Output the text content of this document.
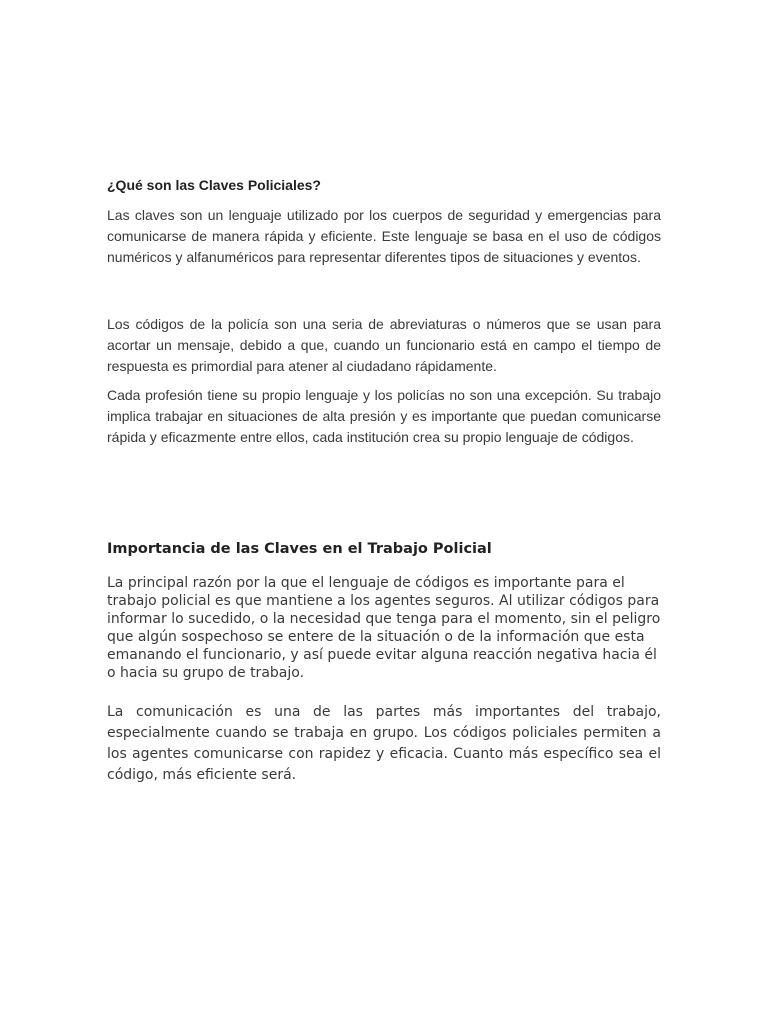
¿Qué son las Claves Policiales?

Las claves son un lenguaje utilizado por los cuerpos de seguridad y emergencias para comunicarse de manera rápida y eficiente. Este lenguaje se basa en el uso de códigos numéricos y alfanuméricos para representar diferentes tipos de situaciones y eventos.

Los códigos de la policía son una seria de abreviaturas o números que se usan para acortar un mensaje, debido a que, cuando un funcionario está en campo el tiempo de respuesta es primordial para atener al ciudadano rápidamente.

Cada profesión tiene su propio lenguaje y los policías no son una excepción. Su trabajo implica trabajar en situaciones de alta presión y es importante que puedan comunicarse rápida y eficazmente entre ellos, cada institución crea su propio lenguaje de códigos.

Importancia de las Claves en el Trabajo Policial

La principal razón por la que el lenguaje de códigos es importante para el trabajo policial es que mantiene a los agentes seguros. Al utilizar códigos para informar lo sucedido, o la necesidad que tenga para el momento, sin el peligro que algún sospechoso se entere de la situación o de la información que esta emanando el funcionario, y así puede evitar alguna reacción negativa hacia él o hacia su grupo de trabajo.

La comunicación es una de las partes más importantes del trabajo, especialmente cuando se trabaja en grupo. Los códigos policiales permiten a los agentes comunicarse con rapidez y eficacia. Cuanto más específico sea el código, más eficiente será.
